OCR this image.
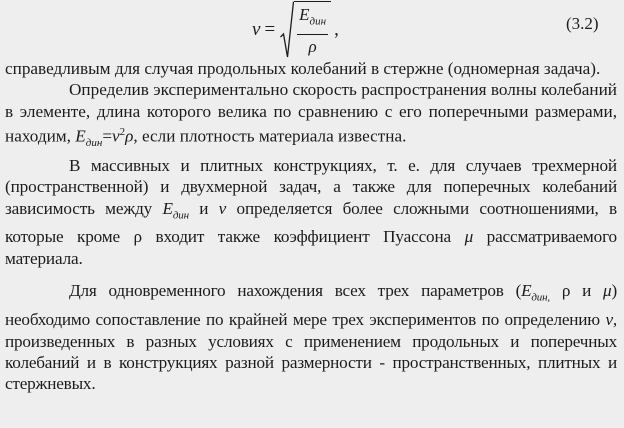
$\nu = \frac{E_{дин}}{\rho}$ ,	(3.2)

справедливым для случая продольных колебаний в стержне (одномерная задача).

Определив экспериментально скорость распространения волны колебаний в элементе, длина которого велика по сравнению с его поперечными размерами, находим, $E_{дин}=\nu^2\rho$, если плотность материала известна.

В массивных и плитных конструкциях, т. е. для случаев трехмерной (пространственной) и двухмерной задач, а также для поперечных колебаний зависимость между $E_{дин}$ и ν определяется более сложными соотношениями, в которые кроме ρ входит также коэффициент Пуассона μ рассматриваемого материала.

Для одновременного нахождения всех трех параметров ($E_{дин,}$ ρ и μ) необходимо сопоставление по крайней мере трех экспериментов по определению ν, произведенных в разных условиях с применением продольных и поперечных колебаний и в конструкциях разной размерности - пространственных, плитных и стержневых.
